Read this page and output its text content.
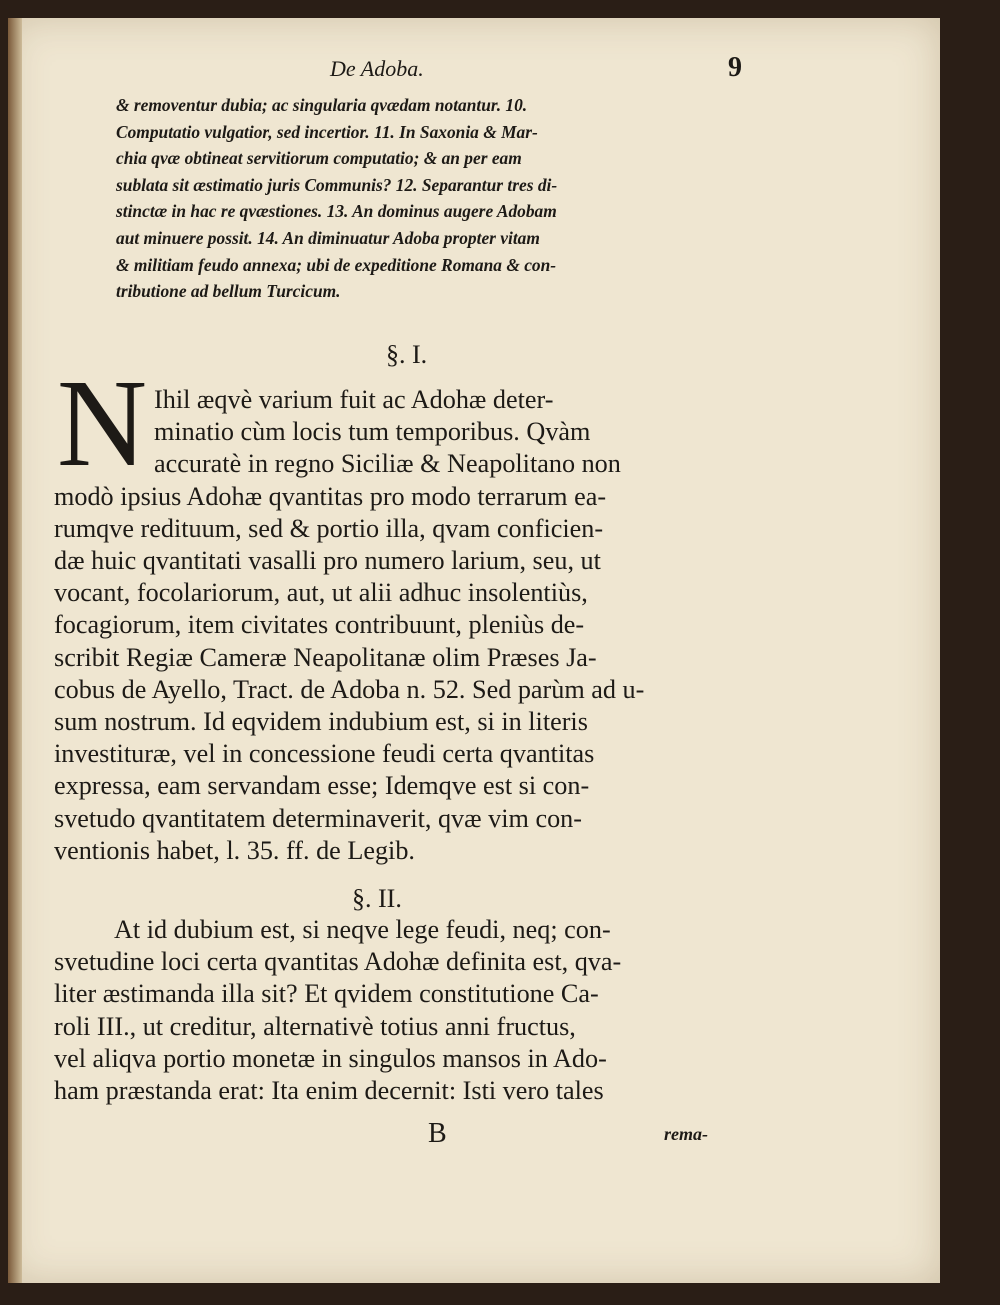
De Adoba.	9
& removentur dubia; ac singularia qvædam notantur. 10.
Computatio vulgatior, sed incertior. 11. In Saxonia & Mar-
chia qvæ obtineat servitiorum computatio; & an per eam
sublata sit æstimatio juris Communis? 12. Separantur tres di-
stinctæ in hac re qvæstiones. 13. An dominus augere Adobam
aut minuere possit. 14. An diminuatur Adoba propter vitam
& militiam feudo annexa; ubi de expeditione Romana & con-
tributione ad bellum Turcicum.
§. I.
N Ihil æqvè varium fuit ac Adohæ deter-
minatio cùm locis tum temporibus. Qvàm
accuratè in regno Siciliæ & Neapolitano non
modò ipsius Adohæ qvantitas pro modo terrarum ea-
rumqve redituum, sed & portio illa, qvam conficien-
dæ huic qvantitati vasalli pro numero larium, seu, ut
vocant, focolariorum, aut, ut alii adhuc insolentiùs,
focagiorum, item civitates contribuunt, pleniùs de-
scribit Regiæ Cameræ Neapolitanæ olim Præses Ja-
cobus de Ayello, Tract. de Adoba n. 52. Sed parùm ad u-
sum nostrum. Id eqvidem indubium est, si in literis
investituræ, vel in concessione feudi certa qvantitas
expressa, eam servandam esse; Idemqve est si con-
svetudo qvantitatem determinaverit, qvæ vim con-
ventionis habet, l. 35. ff. de Legib.
§. II.
At id dubium est, si neqve lege feudi, neq; con-
svetudine loci certa qvantitas Adohæ definita est, qva-
liter æstimanda illa sit? Et qvidem constitutione Ca-
roli III., ut creditur, alternativè totius anni fructus,
vel aliqva portio monetæ in singulos mansos in Ado-
ham præstanda erat: Ita enim decernit: Isti vero tales
B	rema-
